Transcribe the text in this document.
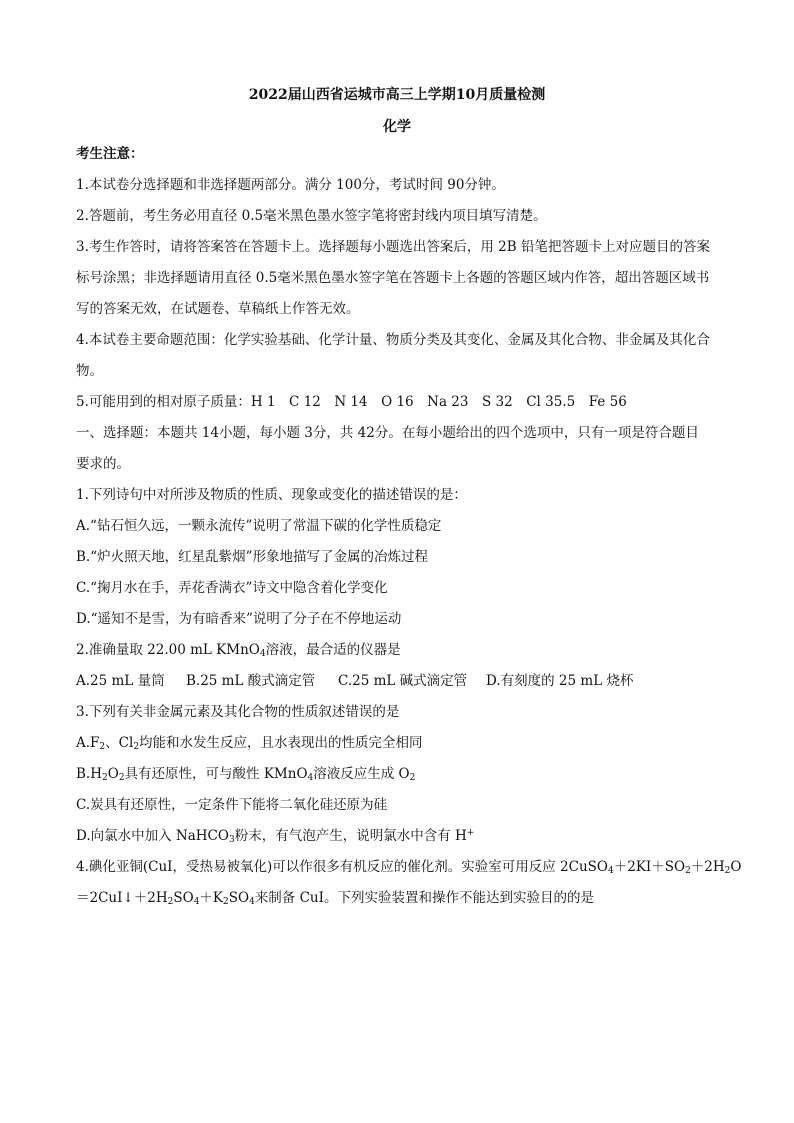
2022届山西省运城市高三上学期10月质量检测
化学
考生注意：
1.本试卷分选择题和非选择题两部分。满分 100分，考试时间 90分钟。
2.答题前，考生务必用直径 0.5毫米黑色墨水签字笔将密封线内项目填写清楚。
3.考生作答时，请将答案答在答题卡上。选择题每小题选出答案后，用 2B 铅笔把答题卡上对应题目的答案
标号涂黑；非选择题请用直径 0.5毫米黑色墨水签字笔在答题卡上各题的答题区域内作答，超出答题区域书
写的答案无效，在试题卷、草稿纸上作答无效。
4.本试卷主要命题范围：化学实验基础、化学计量、物质分类及其变化、金属及其化合物、非金属及其化合
物。
5.可能用到的相对原子质量：H 1　C 12　N 14　O 16　Na 23　S 32　Cl 35.5　Fe 56
一、选择题：本题共 14小题，每小题 3分，共 42分。在每小题给出的四个选项中，只有一项是符合题目
要求的。
1.下列诗句中对所涉及物质的性质、现象或变化的描述错误的是：
A.“钻石恒久远，一颗永流传”说明了常温下碳的化学性质稳定
B.“炉火照天地，红星乱紫烟”形象地描写了金属的冶炼过程
C.“掬月水在手，弄花香满衣”诗文中隐含着化学变化
D.“遥知不是雪，为有暗香来”说明了分子在不停地运动
2.准确量取 22.00 mL KMnO$_4$溶液，最合适的仪器是
A.25 mL 量筒	B.25 mL 酸式滴定管	C.25 mL 碱式滴定管	D.有刻度的 25 mL 烧杯
3.下列有关非金属元素及其化合物的性质叙述错误的是
$A.F_2$、$Cl_2$均能和水发生反应，且水表现出的性质完全相同
$B.H_2O_2$具有还原性，可与酸性 KMnO$_4$溶液反应生成 $O_2$
C.炭具有还原性，一定条件下能将二氧化硅还原为硅
D.向氯水中加入 NaHCO$_3$粉末，有气泡产生，说明氯水中含有 H+
4.碘化亚铜(CuI，受热易被氧化)可以作很多有机反应的催化剂。实验室可用反应 $2CuSO_4+2KI+SO_2+2H_2O$
$=2CuI↓+2H_2SO_4+K_2SO_4$来制备 CuI。下列实验装置和操作不能达到实验目的的是
